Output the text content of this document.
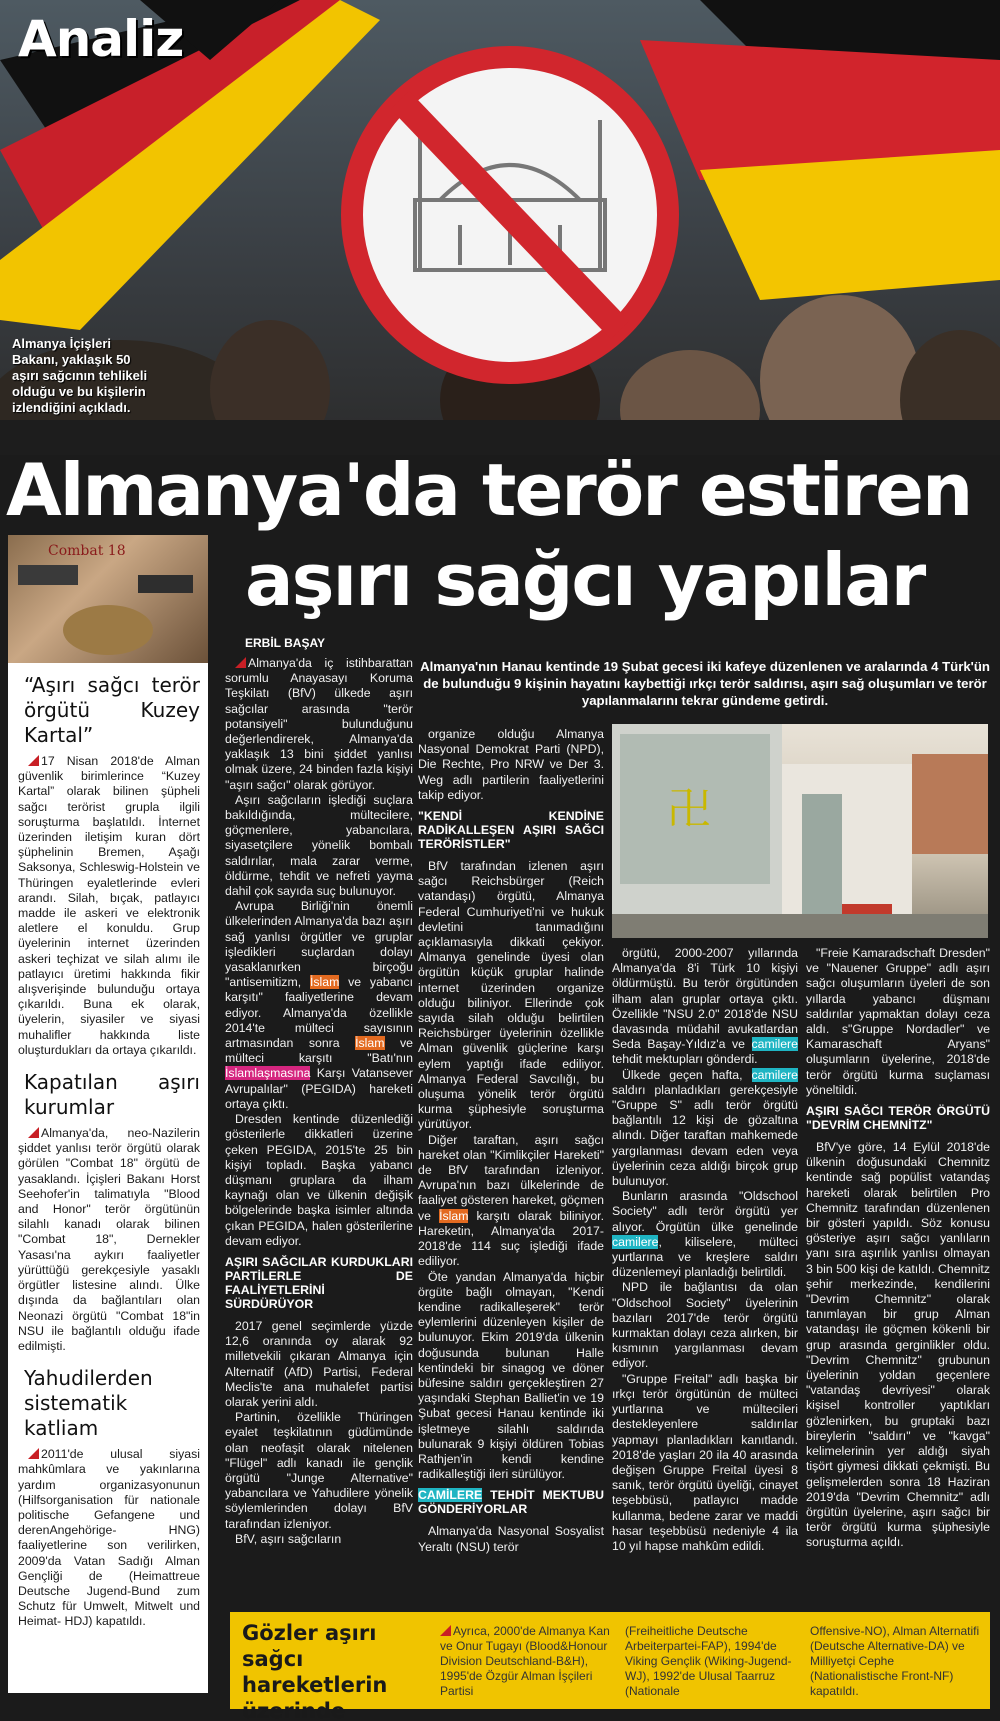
Analiz
Almanya İçişleri Bakanı, yaklaşık 50 aşırı sağcının tehlikeli olduğu ve bu kişilerin izlendiğini açıkladı.
Almanya'da terör estiren
aşırı sağcı yapılar
Combat 18
“Aşırı sağcı terör örgütü Kuzey Kartal”

17 Nisan 2018'de Alman güvenlik birimlerince “Kuzey Kartal” olarak bilinen şüpheli sağcı terörist grupla ilgili soruşturma başlatıldı. İnternet üzerinden iletişim kuran dört şüphelinin Bremen, Aşağı Saksonya, Schleswig-Holstein ve Thüringen eyaletlerinde evleri arandı. Silah, bıçak, patlayıcı madde ile askeri ve elektronik aletlere el konuldu. Grup üyelerinin internet üzerinden askeri teçhizat ve silah alımı ile patlayıcı üretimi hakkında fikir alışverişinde bulunduğu ortaya çıkarıldı. Buna ek olarak, üyelerin, siyasiler ve siyasi muhalifler hakkında liste oluşturdukları da ortaya çıkarıldı.

Kapatılan aşırı kurumlar

Almanya'da, neo-Nazilerin şiddet yanlısı terör örgütü olarak görülen "Combat 18" örgütü de yasaklandı. İçişleri Bakanı Horst Seehofer'in talimatıyla "Blood and Honor" terör örgütünün silahlı kanadı olarak bilinen "Combat 18", Dernekler Yasası'na aykırı faaliyetler yürüttüğü gerekçesiyle yasaklı örgütler listesine alındı. Ülke dışında da bağlantıları olan Neonazi örgütü "Combat 18"in NSU ile bağlantılı olduğu ifade edilmişti.

Yahudilerden sistematik katliam

2011'de ulusal siyasi mahkûmlara ve yakınlarına yardım organizasyonunun (Hilfsorganisation für nationale politische Gefangene und derenAngehörige- HNG) faaliyetlerine son verilirken, 2009'da Vatan Sadığı Alman Gençliği de (Heimattreue Deutsche Jugend-Bund zum Schutz für Umwelt, Mitwelt und Heimat- HDJ) kapatıldı.

ERBİL BAŞAY
Almanya'nın Hanau kentinde 19 Şubat gecesi iki kafeye düzenlenen ve aralarında 4 Türk'ün de bulunduğu 9 kişinin hayatını kaybettiği ırkçı terör saldırısı, aşırı sağ oluşumları ve terör yapılanmalarını tekrar gündeme getirdi.

Almanya'da iç istihbarattan sorumlu Anayasayı Koruma Teşkilatı (BfV) ülkede aşırı sağcılar arasında "terör potansiyeli" bulunduğunu değerlendirerek, Almanya'da yaklaşık 13 bini şiddet yanlısı olmak üzere, 24 binden fazla kişiyi "aşırı sağcı" olarak görüyor.

Aşırı sağcıların işlediği suçlara bakıldığında, mültecilere, göçmenlere, yabancılara, siyasetçilere yönelik bombalı saldırılar, mala zarar verme, öldürme, tehdit ve nefreti yayma dahil çok sayıda suç bulunuyor.

Avrupa Birliği'nin önemli ülkelerinden Almanya'da bazı aşırı sağ yanlısı örgütler ve gruplar işledikleri suçlardan dolayı yasaklanırken birçoğu "antisemitizm, İslam ve yabancı karşıtı" faaliyetlerine devam ediyor. Almanya'da özellikle 2014'te mülteci sayısının artmasından sonra İslam ve mülteci karşıtı "Batı'nın İslamlaşmasına Karşı Vatansever Avrupalılar" (PEGIDA) hareketi ortaya çıktı.

Dresden kentinde düzenlediği gösterilerle dikkatleri üzerine çeken PEGIDA, 2015'te 25 bin kişiyi topladı. Başka yabancı düşmanı gruplara da ilham kaynağı olan ve ülkenin değişik bölgelerinde başka isimler altında çıkan PEGIDA, halen gösterilerine devam ediyor.

AŞIRI SAĞCILAR KURDUKLARI PARTİLERLE DE FAALİYETLERİNİ SÜRDÜRÜYOR

2017 genel seçimlerde yüzde 12,6 oranında oy alarak 92 milletvekili çıkaran Almanya için Alternatif (AfD) Partisi, Federal Meclis'te ana muhalefet partisi olarak yerini aldı.

Partinin, özellikle Thüringen eyalet teşkilatının güdümünde olan neofaşit olarak nitelenen "Flügel" adlı kanadı ile gençlik örgütü "Junge Alternative" yabancılara ve Yahudilere yönelik söylemlerinden dolayı BfV tarafından izleniyor.

BfV, aşırı sağcıların

organize olduğu Almanya Nasyonal Demokrat Parti (NPD), Die Rechte, Pro NRW ve Der 3. Weg adlı partilerin faaliyetlerini takip ediyor.

"KENDİ KENDİNE RADİKALLEŞEN AŞIRI SAĞCI TERÖRİSTLER"

BfV tarafından izlenen aşırı sağcı Reichsbürger (Reich vatandaşı) örgütü, Almanya Federal Cumhuriyeti'ni ve hukuk devletini tanımadığını açıklamasıyla dikkati çekiyor. Almanya genelinde üyesi olan örgütün küçük gruplar halinde internet üzerinden organize olduğu biliniyor. Ellerinde çok sayıda silah olduğu belirtilen Reichsbürger üyelerinin özellikle Alman güvenlik güçlerine karşı eylem yaptığı ifade ediliyor. Almanya Federal Savcılığı, bu oluşuma yönelik terör örgütü kurma şüphesiyle soruşturma yürütüyor.

Diğer taraftan, aşırı sağcı hareket olan "Kimlikçiler Hareketi" de BfV tarafından izleniyor. Avrupa'nın bazı ülkelerinde de faaliyet gösteren hareket, göçmen ve İslam karşıtı olarak biliniyor. Hareketin, Almanya'da 2017-2018'de 114 suç işlediği ifade ediliyor.

Öte yandan Almanya'da hiçbir örgüte bağlı olmayan, "Kendi kendine radikalleşerek" terör eylemlerini düzenleyen kişiler de bulunuyor. Ekim 2019'da ülkenin doğusunda bulunan Halle kentindeki bir sinagog ve döner büfesine saldırı gerçekleştiren 27 yaşındaki Stephan Balliet'in ve 19 Şubat gecesi Hanau kentinde iki işletmeye silahlı saldırıda bulunarak 9 kişiyi öldüren Tobias Rathjen'in kendi kendine radikalleştiği ileri sürülüyor.

CAMİLERE TEHDİT MEKTUBU GÖNDERİYORLAR

Almanya'da Nasyonal Sosyalist Yeraltı (NSU) terör

卍

örgütü, 2000-2007 yıllarında Almanya'da 8'i Türk 10 kişiyi öldürmüştü. Bu terör örgütünden ilham alan gruplar ortaya çıktı. Özellikle "NSU 2.0" 2018'de NSU davasında müdahil avukatlardan Seda Başay-Yıldız'a ve camilere tehdit mektupları gönderdi.

Ülkede geçen hafta, camilere saldırı planladıkları gerekçesiyle "Gruppe S" adlı terör örgütü bağlantılı 12 kişi de gözaltına alındı. Diğer taraftan mahkemede yargılanması devam eden veya üyelerinin ceza aldığı birçok grup bulunuyor.

Bunların arasında "Oldschool Society" adlı terör örgütü yer alıyor. Örgütün ülke genelinde camilere, kiliselere, mülteci yurtlarına ve kreşlere saldırı düzenlemeyi planladığı belirtildi.

NPD ile bağlantısı da olan "Oldschool Society" üyelerinin bazıları 2017'de terör örgütü kurmaktan dolayı ceza alırken, bir kısmının yargılanması devam ediyor.

"Gruppe Freital" adlı başka bir ırkçı terör örgütünün de mülteci yurtlarına ve mültecileri destekleyenlere saldırılar yapmayı planladıkları kanıtlandı. 2018'de yaşları 20 ila 40 arasında değişen Gruppe Freital üyesi 8 sanık, terör örgütü üyeliği, cinayet teşebbüsü, patlayıcı madde kullanma, bedene zarar ve maddi hasar teşebbüsü nedeniyle 4 ila 10 yıl hapse mahkûm edildi.

"Freie Kamaradschaft Dresden" ve "Nauener Gruppe" adlı aşırı sağcı oluşumların üyeleri de son yıllarda yabancı düşmanı saldırılar yapmaktan dolayı ceza aldı. s"Gruppe Nordadler" ve Kamaraschaft Aryans" oluşumların üyelerine, 2018'de terör örgütü kurma suçlaması yöneltildi.

AŞIRI SAĞCI TERÖR ÖRGÜTÜ "DEVRİM CHEMNİTZ"

BfV'ye göre, 14 Eylül 2018'de ülkenin doğusundaki Chemnitz kentinde sağ popülist vatandaş hareketi olarak belirtilen Pro Chemnitz tarafından düzenlenen bir gösteri yapıldı. Söz konusu gösteriye aşırı sağcı yanlıların yanı sıra aşırılık yanlısı olmayan 3 bin 500 kişi de katıldı. Chemnitz şehir merkezinde, kendilerini "Devrim Chemnitz" olarak tanımlayan bir grup Alman vatandaşı ile göçmen kökenli bir grup arasında gerginlikler oldu. "Devrim Chemnitz" grubunun üyelerinin yoldan geçenlere "vatandaş devriyesi" olarak kişisel kontroller yaptıkları gözlenirken, bu gruptaki bazı bireylerin "saldırı" ve "kavga" kelimelerinin yer aldığı siyah tişört giymesi dikkati çekmişti. Bu gelişmelerden sonra 18 Haziran 2019'da "Devrim Chemnitz" adlı örgütün üyelerine, aşırı sağcı bir terör örgütü kurma şüphesiyle soruşturma açıldı.

Gözler aşırı sağcı hareketlerin üzerinde
Ayrıca, 2000'de Almanya Kan ve Onur Tugayı (Blood&Honour Division Deutschland-B&H), 1995'de Özgür Alman İşçileri Partisi
(Freiheitliche Deutsche Arbeiterpartei-FAP), 1994'de Viking Gençlik (Wiking-Jugend-WJ), 1992'de Ulusal Taarruz (Nationale
Offensive-NO), Alman Alternatifi (Deutsche Alternative-DA) ve Milliyetçi Cephe (Nationalistische Front-NF) kapatıldı.
